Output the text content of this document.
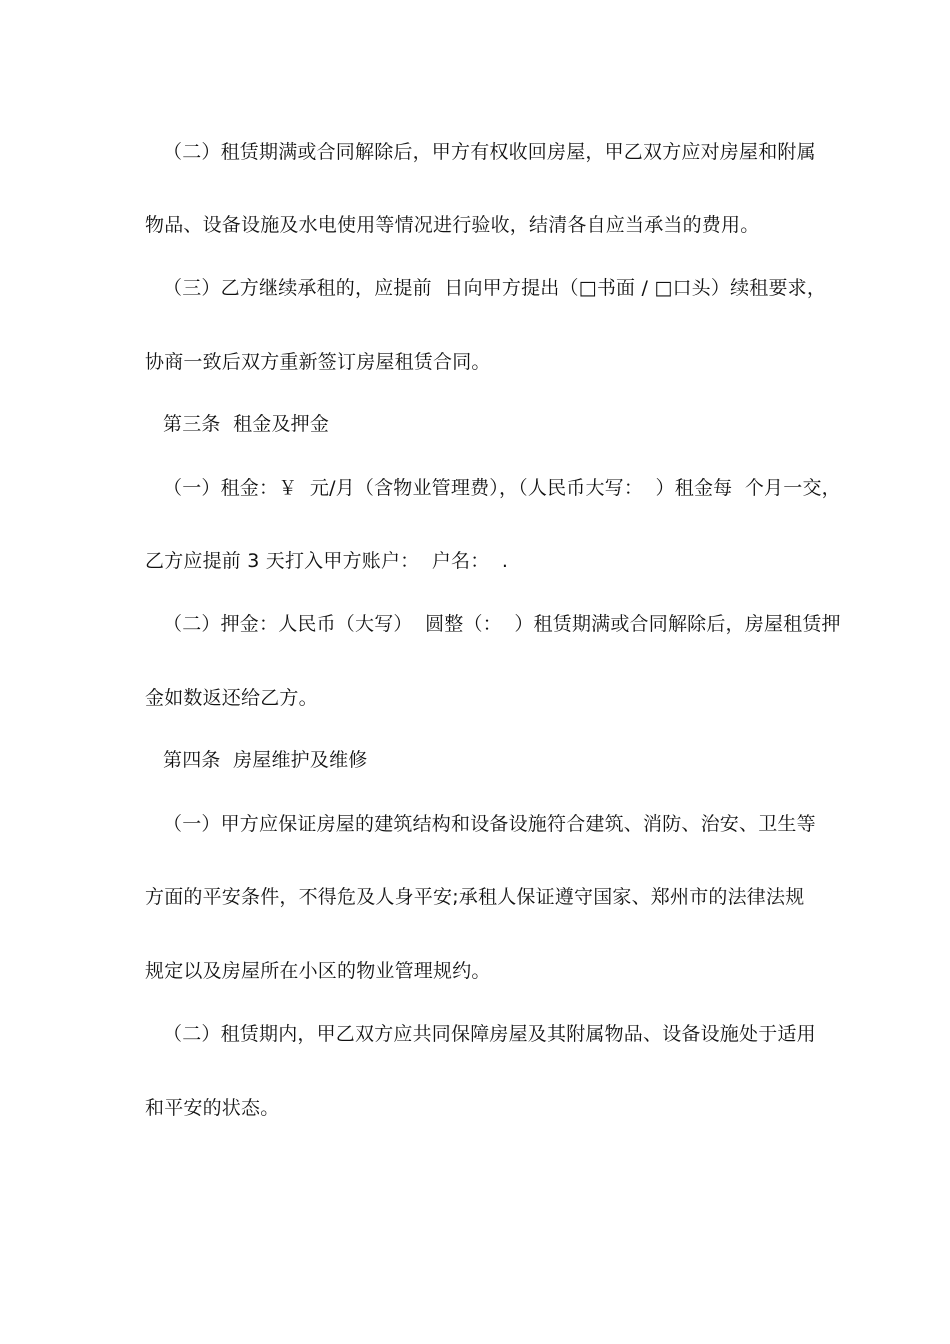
（二）租赁期满或合同解除后，甲方有权收回房屋，甲乙双方应对房屋和附属

物品、设备设施及水电使用等情况进行验收，结清各自应当承当的费用。

（三）乙方继续承租的，应提前  日向甲方提出（□书面 / □口头）续租要求，

协商一致后双方重新签订房屋租赁合同。

第三条  租金及押金

（一）租金：￥  元/月（含物业管理费），（人民币大写：  ）租金每  个月一交，

乙方应提前 3 天打入甲方账户：  户名：  .

（二）押金：人民币（大写）  圆整（：  ）租赁期满或合同解除后，房屋租赁押

金如数返还给乙方。

第四条  房屋维护及维修

（一）甲方应保证房屋的建筑结构和设备设施符合建筑、消防、治安、卫生等

方面的平安条件，不得危及人身平安;承租人保证遵守国家、郑州市的法律法规

规定以及房屋所在小区的物业管理规约。

（二）租赁期内，甲乙双方应共同保障房屋及其附属物品、设备设施处于适用

和平安的状态。
